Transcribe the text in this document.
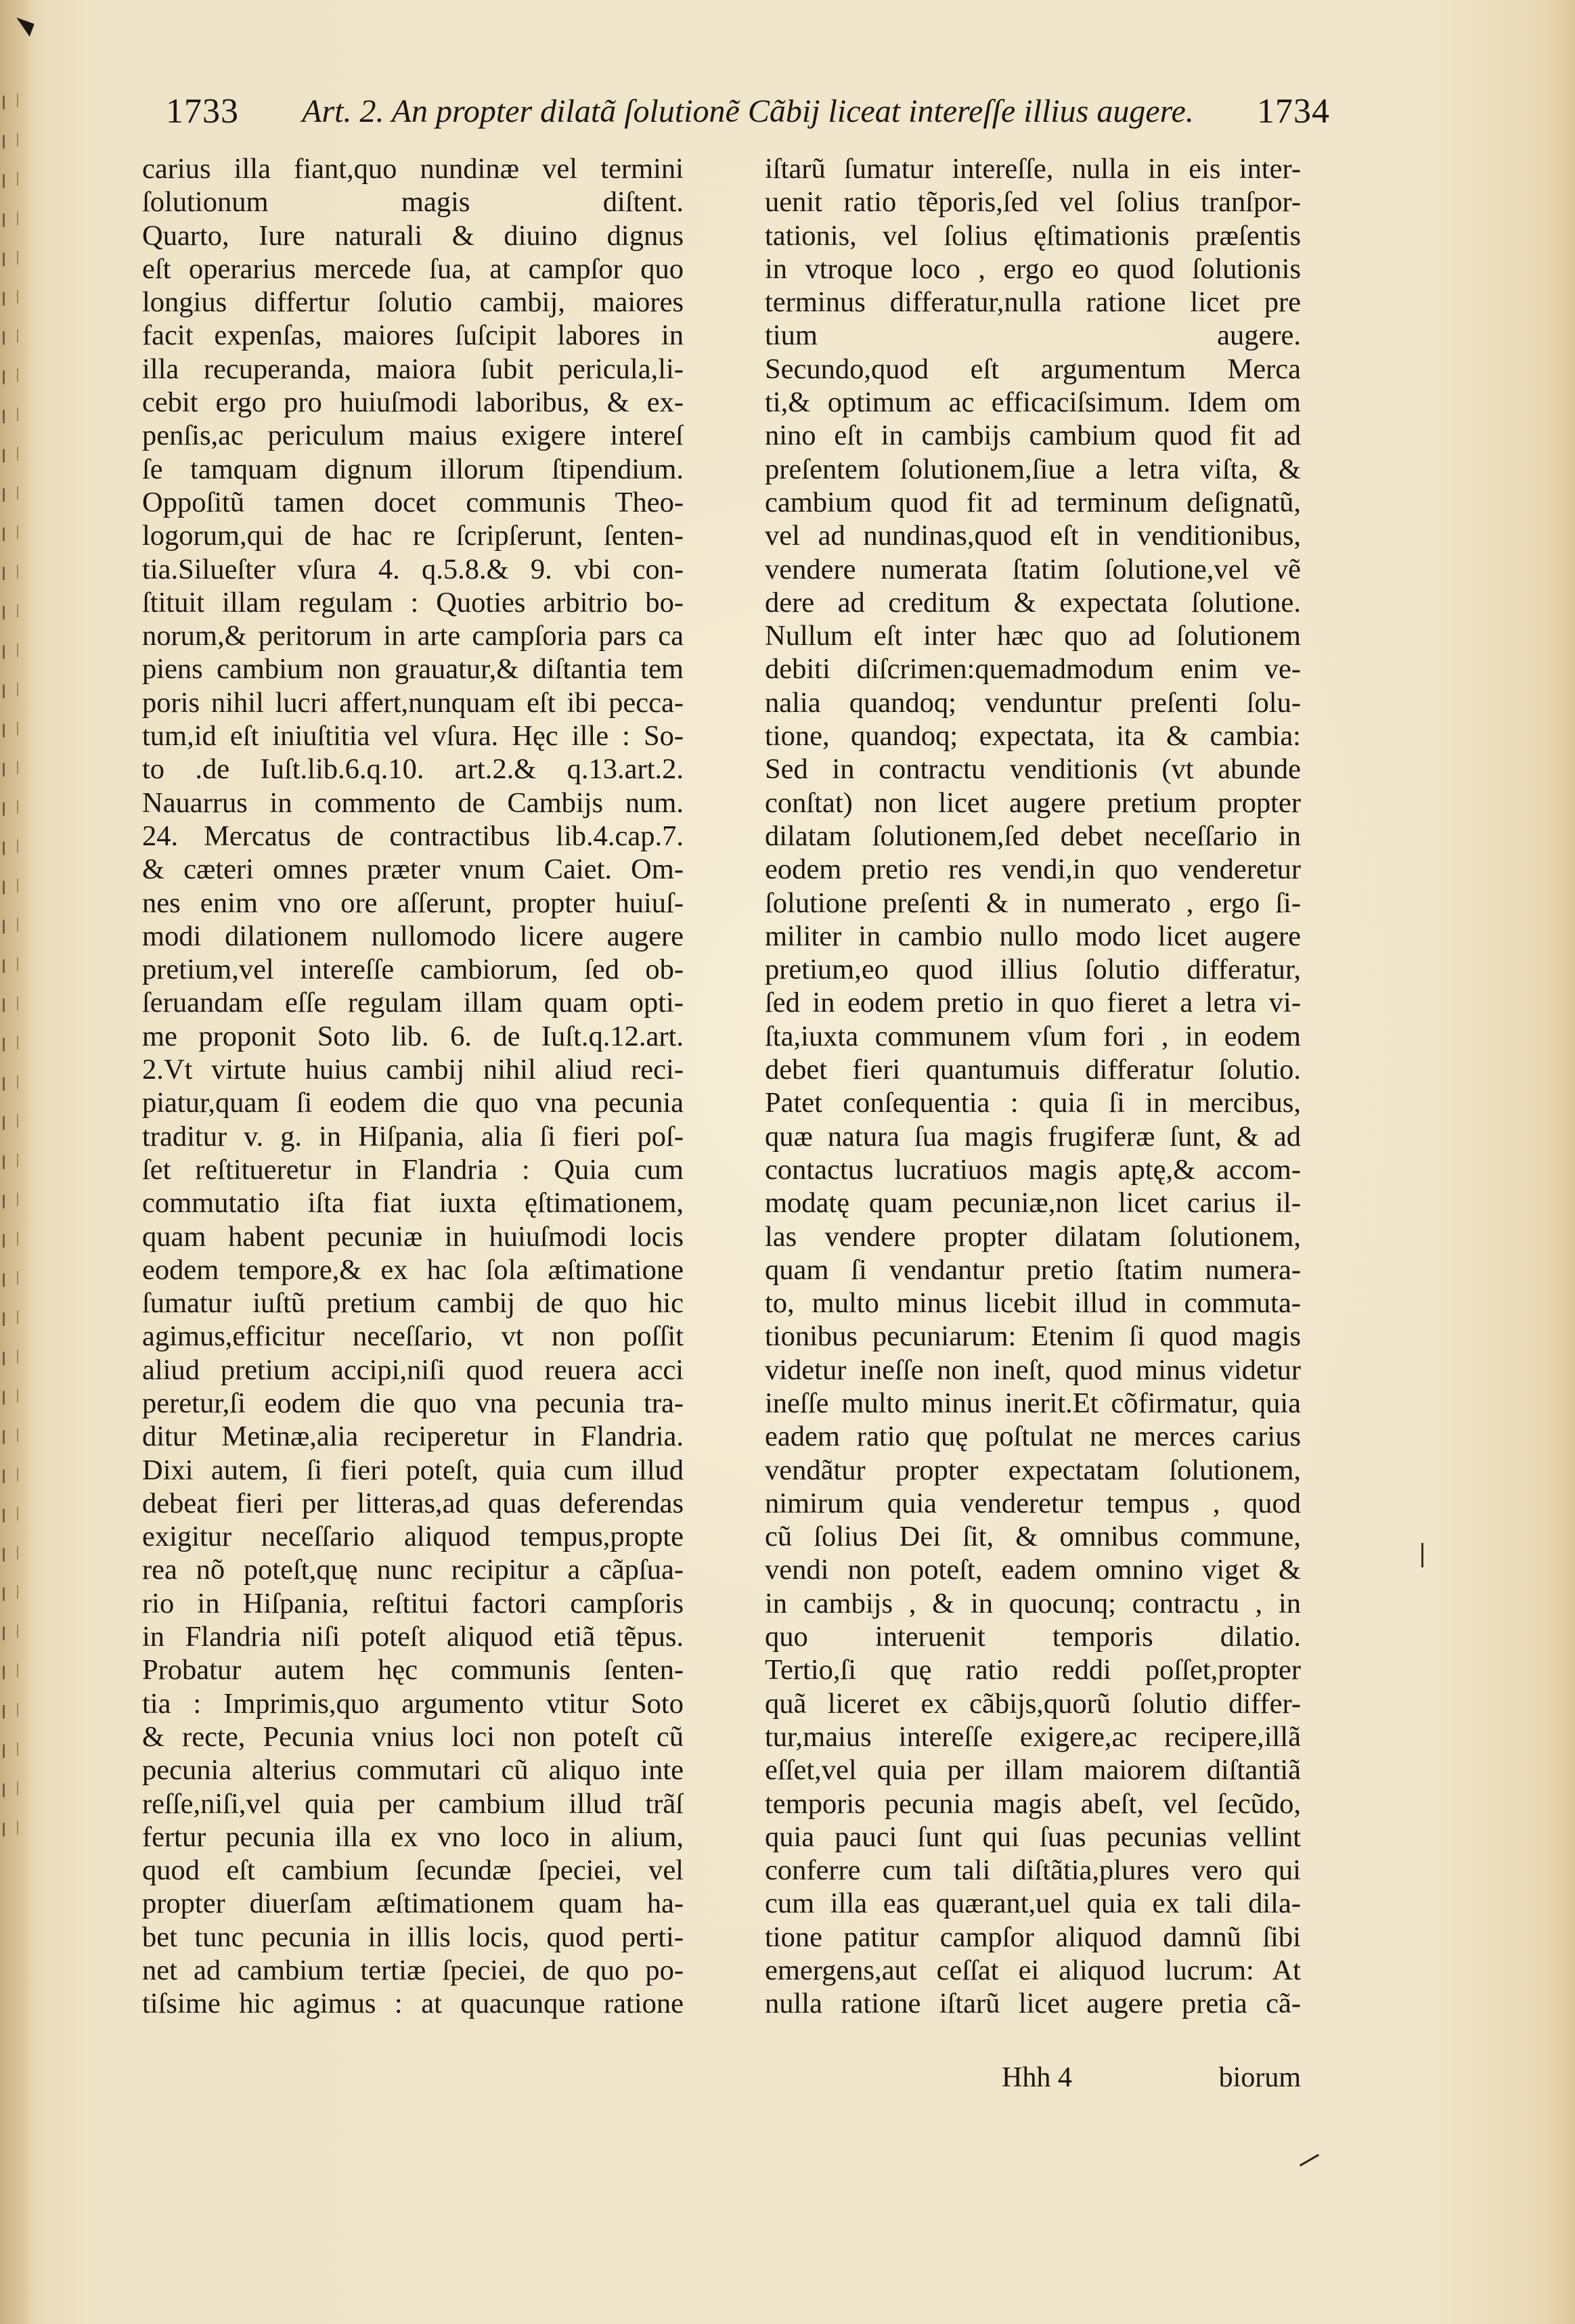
1733	Art. 2. An propter dilatã ſolutionẽ Cãbij liceat intereſſe illius augere.	1734
carius illa fiant,quo nundinæ vel termini
ſolutionum magis diſtent.
Quarto, Iure naturali & diuino dignus
eſt operarius mercede ſua, at campſor quo
longius differtur ſolutio cambij, maiores
facit expenſas, maiores ſuſcipit labores in
illa recuperanda, maiora ſubit pericula,li-
cebit ergo pro huiuſmodi laboribus, & ex-
penſis,ac periculum maius exigere intereſ
ſe tamquam dignum illorum ſtipendium.
Oppoſitũ tamen docet communis Theo-
logorum,qui de hac re ſcripſerunt, ſenten-
tia.Silueſter vſura 4. q.5.8.& 9. vbi con-
ſtituit illam regulam : Quoties arbitrio bo-
norum,& peritorum in arte campſoria pars ca
piens cambium non grauatur,& diſtantia tem
poris nihil lucri affert,nunquam eſt ibi pecca-
tum,id eſt iniuſtitia vel vſura. Hęc ille : So-
to .de Iuſt.lib.6.q.10. art.2.& q.13.art.2.
Nauarrus in commento de Cambijs num.
24. Mercatus de contractibus lib.4.cap.7.
& cæteri omnes præter vnum Caiet. Om-
nes enim vno ore aſſerunt, propter huiuſ-
modi dilationem nullomodo licere augere
pretium,vel intereſſe cambiorum, ſed ob-
ſeruandam eſſe regulam illam quam opti-
me proponit Soto lib. 6. de Iuſt.q.12.art.
2.Vt virtute huius cambij nihil aliud reci-
piatur,quam ſi eodem die quo vna pecunia
traditur v. g. in Hiſpania, alia ſi fieri poſ-
ſet reſtitueretur in Flandria : Quia cum
commutatio iſta fiat iuxta ęſtimationem,
quam habent pecuniæ in huiuſmodi locis
eodem tempore,& ex hac ſola æſtimatione
ſumatur iuſtũ pretium cambij de quo hic
agimus,efficitur neceſſario, vt non poſſit
aliud pretium accipi,niſi quod reuera acci
peretur,ſi eodem die quo vna pecunia tra-
ditur Metinæ,alia reciperetur in Flandria.
Dixi autem, ſi fieri poteſt, quia cum illud
debeat fieri per litteras,ad quas deferendas
exigitur neceſſario aliquod tempus,propte
rea nõ poteſt,quę nunc recipitur a cãpſua-
rio in Hiſpania, reſtitui factori campſoris
in Flandria niſi poteſt aliquod etiã tẽpus.
Probatur autem hęc communis ſenten-
tia : Imprimis,quo argumento vtitur Soto
& recte, Pecunia vnius loci non poteſt cũ
pecunia alterius commutari cũ aliquo inte
reſſe,niſi,vel quia per cambium illud trãſ
fertur pecunia illa ex vno loco in alium,
quod eſt cambium ſecundæ ſpeciei, vel
propter diuerſam æſtimationem quam ha-
bet tunc pecunia in illis locis, quod perti-
net ad cambium tertiæ ſpeciei, de quo po-
tiſsime hic agimus : at quacunque ratione
iſtarũ ſumatur intereſſe, nulla in eis inter-
uenit ratio tẽporis,ſed vel ſolius tranſpor-
tationis, vel ſolius ęſtimationis præſentis
in vtroque loco , ergo eo quod ſolutionis
terminus differatur,nulla ratione licet pre
tium augere.
Secundo,quod eſt argumentum Merca
ti,& optimum ac efficaciſsimum. Idem om
nino eſt in cambijs cambium quod fit ad
preſentem ſolutionem,ſiue a letra viſta, &
cambium quod fit ad terminum deſignatũ,
vel ad nundinas,quod eſt in venditionibus,
vendere numerata ſtatim ſolutione,vel vẽ
dere ad creditum & expectata ſolutione.
Nullum eſt inter hæc quo ad ſolutionem
debiti diſcrimen:quemadmodum enim ve-
nalia quandoq; venduntur preſenti ſolu-
tione, quandoq; expectata, ita & cambia:
Sed in contractu venditionis (vt abunde
conſtat) non licet augere pretium propter
dilatam ſolutionem,ſed debet neceſſario in
eodem pretio res vendi,in quo venderetur
ſolutione preſenti & in numerato , ergo ſi-
militer in cambio nullo modo licet augere
pretium,eo quod illius ſolutio differatur,
ſed in eodem pretio in quo fieret a letra vi-
ſta,iuxta communem vſum fori , in eodem
debet fieri quantumuis differatur ſolutio.
Patet conſequentia : quia ſi in mercibus,
quæ natura ſua magis frugiferæ ſunt, & ad
contactus lucratiuos magis aptę,& accom-
modatę quam pecuniæ,non licet carius il-
las vendere propter dilatam ſolutionem,
quam ſi vendantur pretio ſtatim numera-
to, multo minus licebit illud in commuta-
tionibus pecuniarum: Etenim ſi quod magis
videtur ineſſe non ineſt, quod minus videtur
ineſſe multo minus inerit.Et cõfirmatur, quia
eadem ratio quę poſtulat ne merces carius
vendãtur propter expectatam ſolutionem,
nimirum quia venderetur tempus , quod
cũ ſolius Dei ſit, & omnibus commune,
vendi non poteſt, eadem omnino viget &
in cambijs , & in quocunq; contractu , in
quo interuenit temporis dilatio.
Tertio,ſi quę ratio reddi poſſet,propter
quã liceret ex cãbijs,quorũ ſolutio differ-
tur,maius intereſſe exigere,ac recipere,illã
eſſet,vel quia per illam maiorem diſtantiã
temporis pecunia magis abeſt, vel ſecũdo,
quia pauci ſunt qui ſuas pecunias vellint
conferre cum tali diſtãtia,plures vero qui
cum illa eas quærant,uel quia ex tali dila-
tione patitur campſor aliquod damnũ ſibi
emergens,aut ceſſat ei aliquod lucrum: At
nulla ratione iſtarũ licet augere pretia cã-
Hhh 4	biorum
